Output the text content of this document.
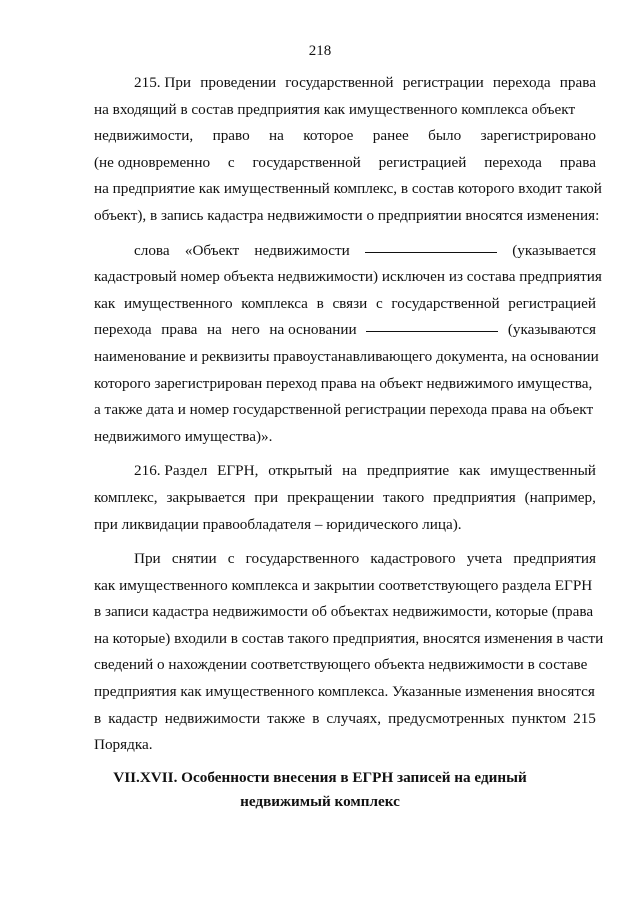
218
215. При проведении государственной регистрации перехода права
на входящий в состав предприятия как имущественного комплекса объект
недвижимости, право на которое ранее было зарегистрировано
(не одновременно с государственной регистрацией перехода права
на предприятие как имущественный комплекс, в состав которого входит такой
объект), в запись кадастра недвижимости о предприятии вносятся изменения:
слова «Объект недвижимости	(указывается
кадастровый номер объекта недвижимости) исключен из состава предприятия
как имущественного комплекса в связи с государственной регистрацией
перехода права на него на основании	(указываются
наименование и реквизиты правоустанавливающего документа, на основании
которого зарегистрирован переход права на объект недвижимого имущества,
а также дата и номер государственной регистрации перехода права на объект
недвижимого имущества)».
216. Раздел ЕГРН, открытый на предприятие как имущественный
комплекс, закрывается при прекращении такого предприятия (например,
при ликвидации правообладателя – юридического лица).
При снятии с государственного кадастрового учета предприятия
как имущественного комплекса и закрытии соответствующего раздела ЕГРН
в записи кадастра недвижимости об объектах недвижимости, которые (права
на которые) входили в состав такого предприятия, вносятся изменения в части
сведений о нахождении соответствующего объекта недвижимости в составе
предприятия как имущественного комплекса. Указанные изменения вносятся
в кадастр недвижимости также в случаях, предусмотренных пунктом 215
Порядка.
VII.XVII. Особенности внесения в ЕГРН записей на единый
недвижимый комплекс
